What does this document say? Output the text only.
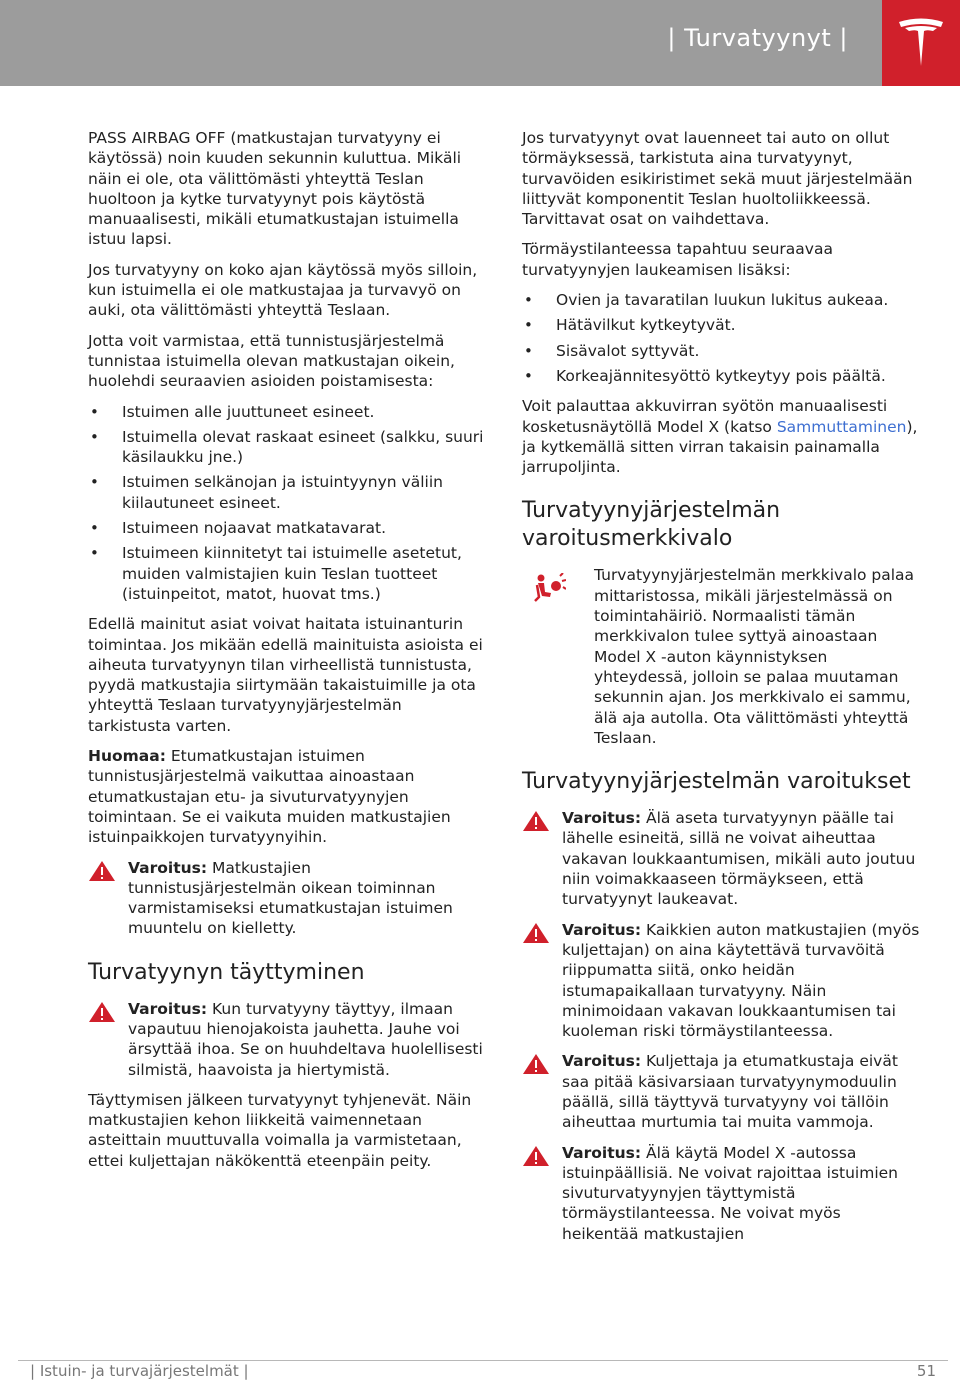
| Turvatyynyt |

PASS AIRBAG OFF (matkustajan turvatyyny ei käytössä) noin kuuden sekunnin kuluttua. Mikäli näin ei ole, ota välittömästi yhteyttä Teslan huoltoon ja kytke turvatyynyt pois käytöstä manuaalisesti, mikäli etumatkustajan istuimella istuu lapsi.

Jos turvatyyny on koko ajan käytössä myös silloin, kun istuimella ei ole matkustajaa ja turvavyö on auki, ota välittömästi yhteyttä Teslaan.

Jotta voit varmistaa, että tunnistusjärjestelmä tunnistaa istuimella olevan matkustajan oikein, huolehdi seuraavien asioiden poistamisesta:

• Istuimen alle juuttuneet esineet.
• Istuimella olevat raskaat esineet (salkku, suuri käsilaukku jne.)
• Istuimen selkänojan ja istuintyynyn väliin kiilautuneet esineet.
• Istuimeen nojaavat matkatavarat.
• Istuimeen kiinnitetyt tai istuimelle asetetut, muiden valmistajien kuin Teslan tuotteet (istuinpeitot, matot, huovat tms.)

Edellä mainitut asiat voivat haitata istuinanturin toimintaa. Jos mikään edellä mainituista asioista ei aiheuta turvatyynyn tilan virheellistä tunnistusta, pyydä matkustajia siirtymään takaistuimille ja ota yhteyttä Teslaan turvatyynyjärjestelmän tarkistusta varten.

Huomaa: Etumatkustajan istuimen tunnistusjärjestelmä vaikuttaa ainoastaan etumatkustajan etu- ja sivuturvatyynyjen toimintaan. Se ei vaikuta muiden matkustajien istuinpaikkojen turvatyynyihin.

Varoitus: Matkustajien tunnistusjärjestelmän oikean toiminnan varmistamiseksi etumatkustajan istuimen muuntelu on kielletty.
Turvatyynyn täyttyminen
Varoitus: Kun turvatyyny täyttyy, ilmaan vapautuu hienojakoista jauhetta. Jauhe voi ärsyttää ihoa. Se on huuhdeltava huolellisesti silmistä, haavoista ja hiertymistä.

Täyttymisen jälkeen turvatyynyt tyhjenevät. Näin matkustajien kehon liikkeitä vaimennetaan asteittain muuttuvalla voimalla ja varmistetaan, ettei kuljettajan näkökenttä eteenpäin peity.

Jos turvatyynyt ovat lauenneet tai auto on ollut törmäyksessä, tarkistuta aina turvatyynyt, turvavöiden esikiristimet sekä muut järjestelmään liittyvät komponentit Teslan huoltoliikkeessä. Tarvittavat osat on vaihdettava.

Törmäystilanteessa tapahtuu seuraavaa turvatyynyjen laukeamisen lisäksi:

• Ovien ja tavaratilan luukun lukitus aukeaa.
• Hätävilkut kytkeytyvät.
• Sisävalot syttyvät.
• Korkeajännitesyöttö kytkeytyy pois päältä.

Voit palauttaa akkuvirran syötön manuaalisesti kosketusnäytöllä Model X (katso Sammuttaminen), ja kytkemällä sitten virran takaisin painamalla jarrupoljinta.

Turvatyynyjärjestelmän varoitusmerkkivalo
Turvatyynyjärjestelmän merkkivalo palaa mittaristossa, mikäli järjestelmässä on toimintahäiriö. Normaalisti tämän merkkivalon tulee syttyä ainoastaan Model X -auton käynnistyksen yhteydessä, jolloin se palaa muutaman sekunnin ajan. Jos merkkivalo ei sammu, älä aja autolla. Ota välittömästi yhteyttä Teslaan.
Turvatyynyjärjestelmän varoitukset
Varoitus: Älä aseta turvatyynyn päälle tai lähelle esineitä, sillä ne voivat aiheuttaa vakavan loukkaantumisen, mikäli auto joutuu niin voimakkaaseen törmäykseen, että turvatyynyt laukeavat.
Varoitus: Kaikkien auton matkustajien (myös kuljettajan) on aina käytettävä turvavöitä riippumatta siitä, onko heidän istumapaikallaan turvatyyny. Näin minimoidaan vakavan loukkaantumisen tai kuoleman riski törmäystilanteessa.
Varoitus: Kuljettaja ja etumatkustaja eivät saa pitää käsivarsiaan turvatyynymoduulin päällä, sillä täyttyvä turvatyyny voi tällöin aiheuttaa murtumia tai muita vammoja.
Varoitus: Älä käytä Model X -autossa istuinpäällisiä. Ne voivat rajoittaa istuimien sivuturvatyynyjen täyttymistä törmäystilanteessa. Ne voivat myös heikentää matkustajien
| Istuin- ja turvajärjestelmät |	51
